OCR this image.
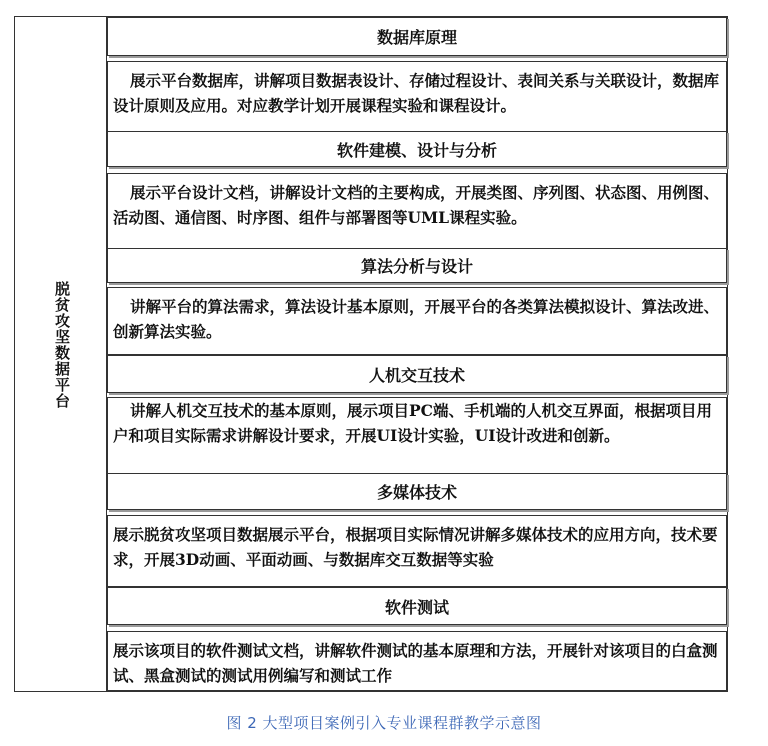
脱贫攻坚数据平台
数据库原理
展示平台数据库，讲解项目数据表设计、存储过程设计、表间关系与关联设计，数据库设计原则及应用。对应教学计划开展课程实验和课程设计。
软件建模、设计与分析
展示平台设计文档，讲解设计文档的主要构成，开展类图、序列图、状态图、用例图、活动图、通信图、时序图、组件与部署图等UML课程实验。
算法分析与设计
讲解平台的算法需求，算法设计基本原则，开展平台的各类算法模拟设计、算法改进、创新算法实验。
人机交互技术
讲解人机交互技术的基本原则，展示项目PC端、手机端的人机交互界面，根据项目用户和项目实际需求讲解设计要求，开展UI设计实验，UI设计改进和创新。
多媒体技术
展示脱贫攻坚项目数据展示平台，根据项目实际情况讲解多媒体技术的应用方向，技术要求，开展3D动画、平面动画、与数据库交互数据等实验
软件测试
展示该项目的软件测试文档，讲解软件测试的基本原理和方法，开展针对该项目的白盒测试、黑盒测试的测试用例编写和测试工作
图 2 大型项目案例引入专业课程群教学示意图
